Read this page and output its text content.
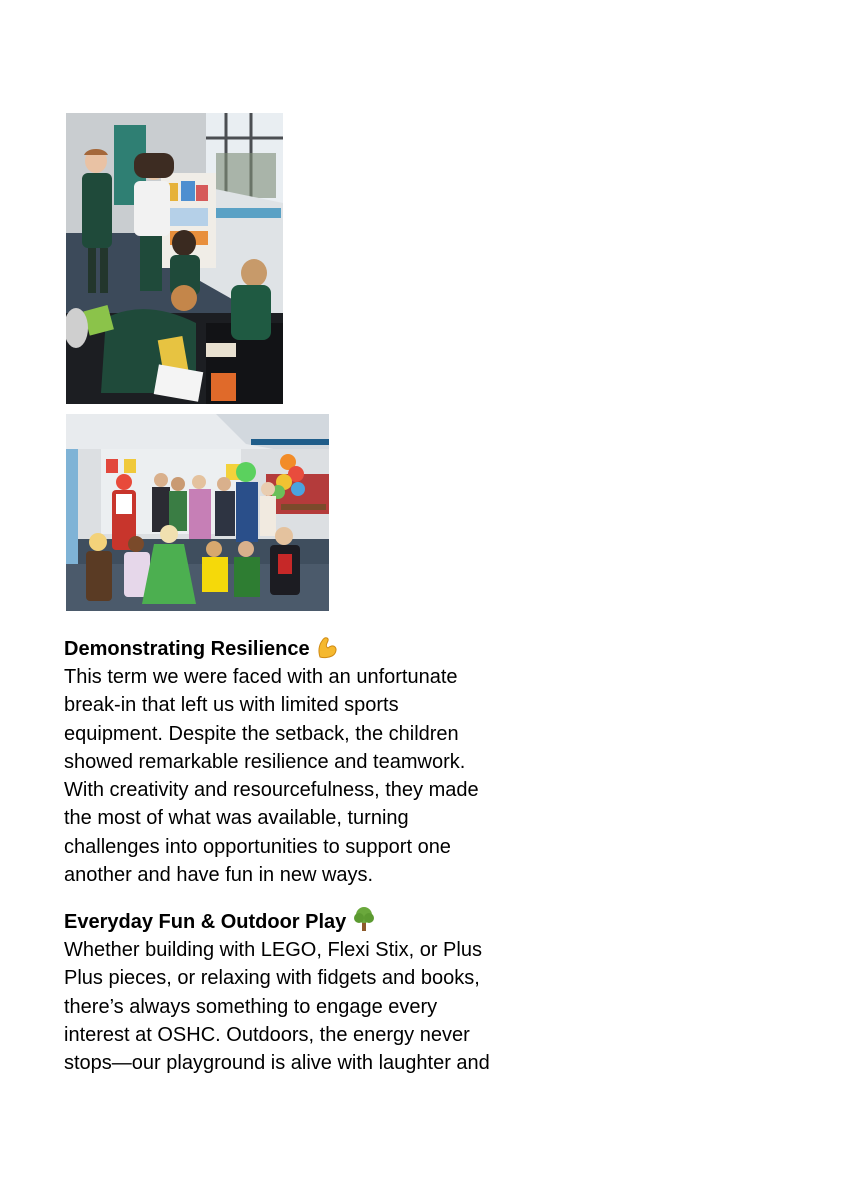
Demonstrating Resilience

This term we were faced with an unfortunate
break-in that left us with limited sports
equipment. Despite the setback, the children
showed remarkable resilience and teamwork.
With creativity and resourcefulness, they made
the most of what was available, turning
challenges into opportunities to support one
another and have fun in new ways.

Everyday Fun & Outdoor Play

Whether building with LEGO, Flexi Stix, or Plus
Plus pieces, or relaxing with fidgets and books,
there’s always something to engage every
interest at OSHC. Outdoors, the energy never
stops—our playground is alive with laughter and
